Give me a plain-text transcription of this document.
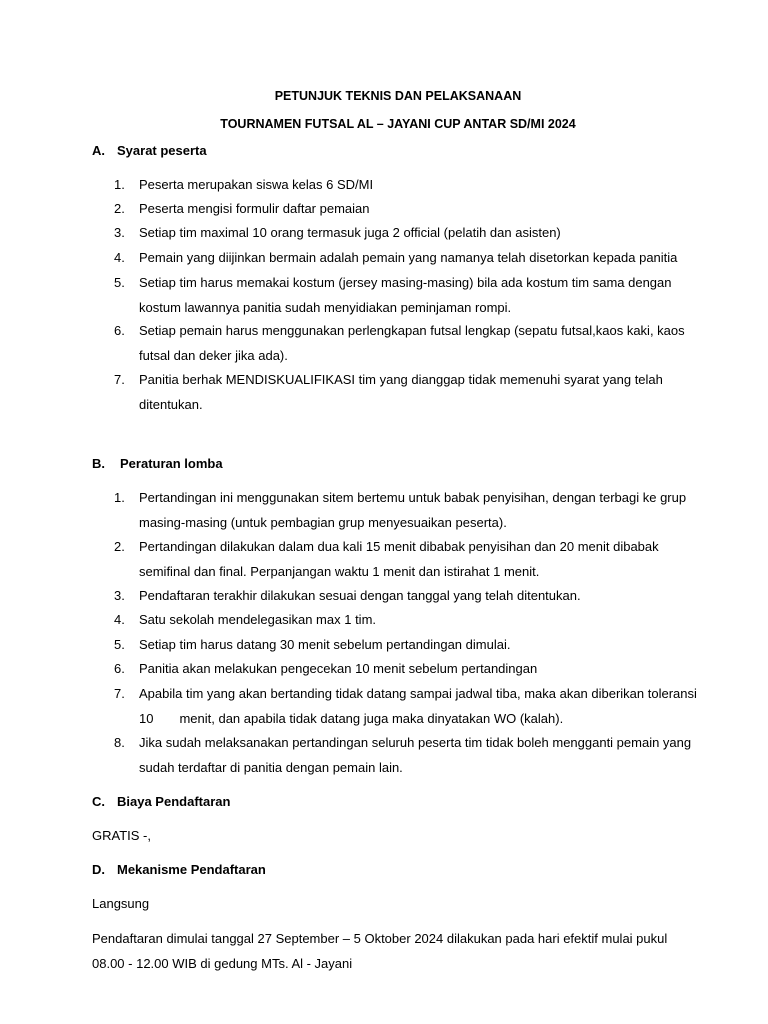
PETUNJUK TEKNIS DAN PELAKSANAAN
TOURNAMEN FUTSAL AL – JAYANI CUP ANTAR SD/MI 2024
A. Syarat peserta
1.	Peserta merupakan siswa kelas 6 SD/MI
2.	Peserta mengisi formulir daftar pemaian
3.	Setiap tim maximal 10 orang termasuk juga 2 official (pelatih dan asisten)
4.	Pemain yang diijinkan bermain adalah pemain yang namanya telah disetorkan kepada panitia
5.	Setiap tim harus memakai kostum (jersey masing-masing) bila ada kostum tim sama dengan kostum lawannya panitia sudah menyidiakan peminjaman rompi.
6.	Setiap pemain harus menggunakan perlengkapan futsal lengkap (sepatu futsal,kaos kaki, kaos futsal dan deker jika ada).
7.	Panitia berhak MENDISKUALIFIKASI tim yang dianggap tidak memenuhi syarat yang telah ditentukan.
B. Peraturan lomba
1.	Pertandingan ini menggunakan sitem bertemu untuk babak penyisihan, dengan terbagi ke grup masing-masing (untuk pembagian grup menyesuaikan peserta).
2.	Pertandingan dilakukan dalam dua kali 15 menit dibabak penyisihan dan 20 menit dibabak semifinal dan final. Perpanjangan waktu 1 menit dan istirahat 1 menit.
3.	Pendaftaran terakhir dilakukan sesuai dengan tanggal yang telah ditentukan.
4.	Satu sekolah mendelegasikan max 1 tim.
5.	Setiap tim harus datang 30 menit sebelum pertandingan dimulai.
6.	Panitia akan melakukan pengecekan 10 menit sebelum pertandingan
7.	Apabila tim yang akan bertanding tidak datang sampai jadwal tiba, maka akan diberikan toleransi 10  menit, dan apabila tidak datang juga maka dinyatakan WO (kalah).
8.	Jika sudah melaksanakan pertandingan seluruh peserta tim tidak boleh mengganti pemain yang sudah terdaftar di panitia dengan pemain lain.
C. Biaya Pendaftaran
GRATIS -,
D. Mekanisme Pendaftaran
Langsung
Pendaftaran dimulai tanggal 27 September – 5 Oktober 2024 dilakukan pada hari efektif mulai pukul 08.00 - 12.00 WIB di gedung MTs. Al - Jayani
